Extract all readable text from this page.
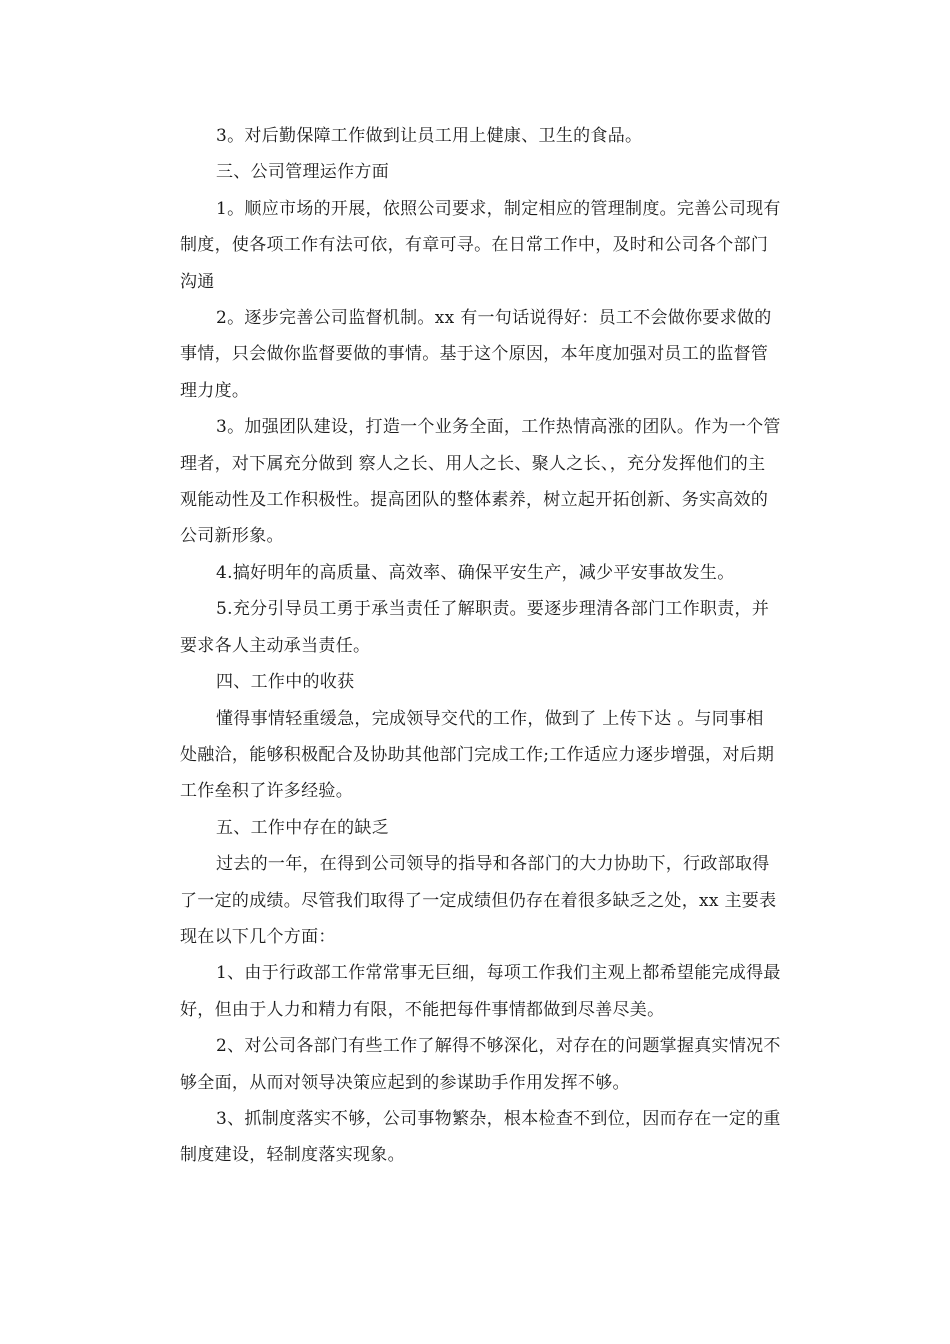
3。对后勤保障工作做到让员工用上健康、卫生的食品。
三、公司管理运作方面
1。顺应市场的开展，依照公司要求，制定相应的管理制度。完善公司现有
制度，使各项工作有法可依，有章可寻。在日常工作中，及时和公司各个部门
沟通
2。逐步完善公司监督机制。xx 有一句话说得好：员工不会做你要求做的
事情，只会做你监督要做的事情。基于这个原因，本年度加强对员工的监督管
理力度。
3。加强团队建设，打造一个业务全面，工作热情高涨的团队。作为一个管
理者，对下属充分做到 察人之长、用人之长、聚人之长、，充分发挥他们的主
观能动性及工作积极性。提高团队的整体素养，树立起开拓创新、务实高效的
公司新形象。
4.搞好明年的高质量、高效率、确保平安生产，减少平安事故发生。
5.充分引导员工勇于承当责任了解职责。要逐步理清各部门工作职责，并
要求各人主动承当责任。
四、工作中的收获
懂得事情轻重缓急，完成领导交代的工作，做到了 上传下达 。与同事相
处融洽，能够积极配合及协助其他部门完成工作;工作适应力逐步增强，对后期
工作垒积了许多经验。
五、工作中存在的缺乏
过去的一年，在得到公司领导的指导和各部门的大力协助下，行政部取得
了一定的成绩。尽管我们取得了一定成绩但仍存在着很多缺乏之处，xx 主要表
现在以下几个方面：
1、由于行政部工作常常事无巨细，每项工作我们主观上都希望能完成得最
好，但由于人力和精力有限，不能把每件事情都做到尽善尽美。
2、对公司各部门有些工作了解得不够深化，对存在的问题掌握真实情况不
够全面，从而对领导决策应起到的参谋助手作用发挥不够。
3、抓制度落实不够，公司事物繁杂，根本检查不到位，因而存在一定的重
制度建设，轻制度落实现象。
